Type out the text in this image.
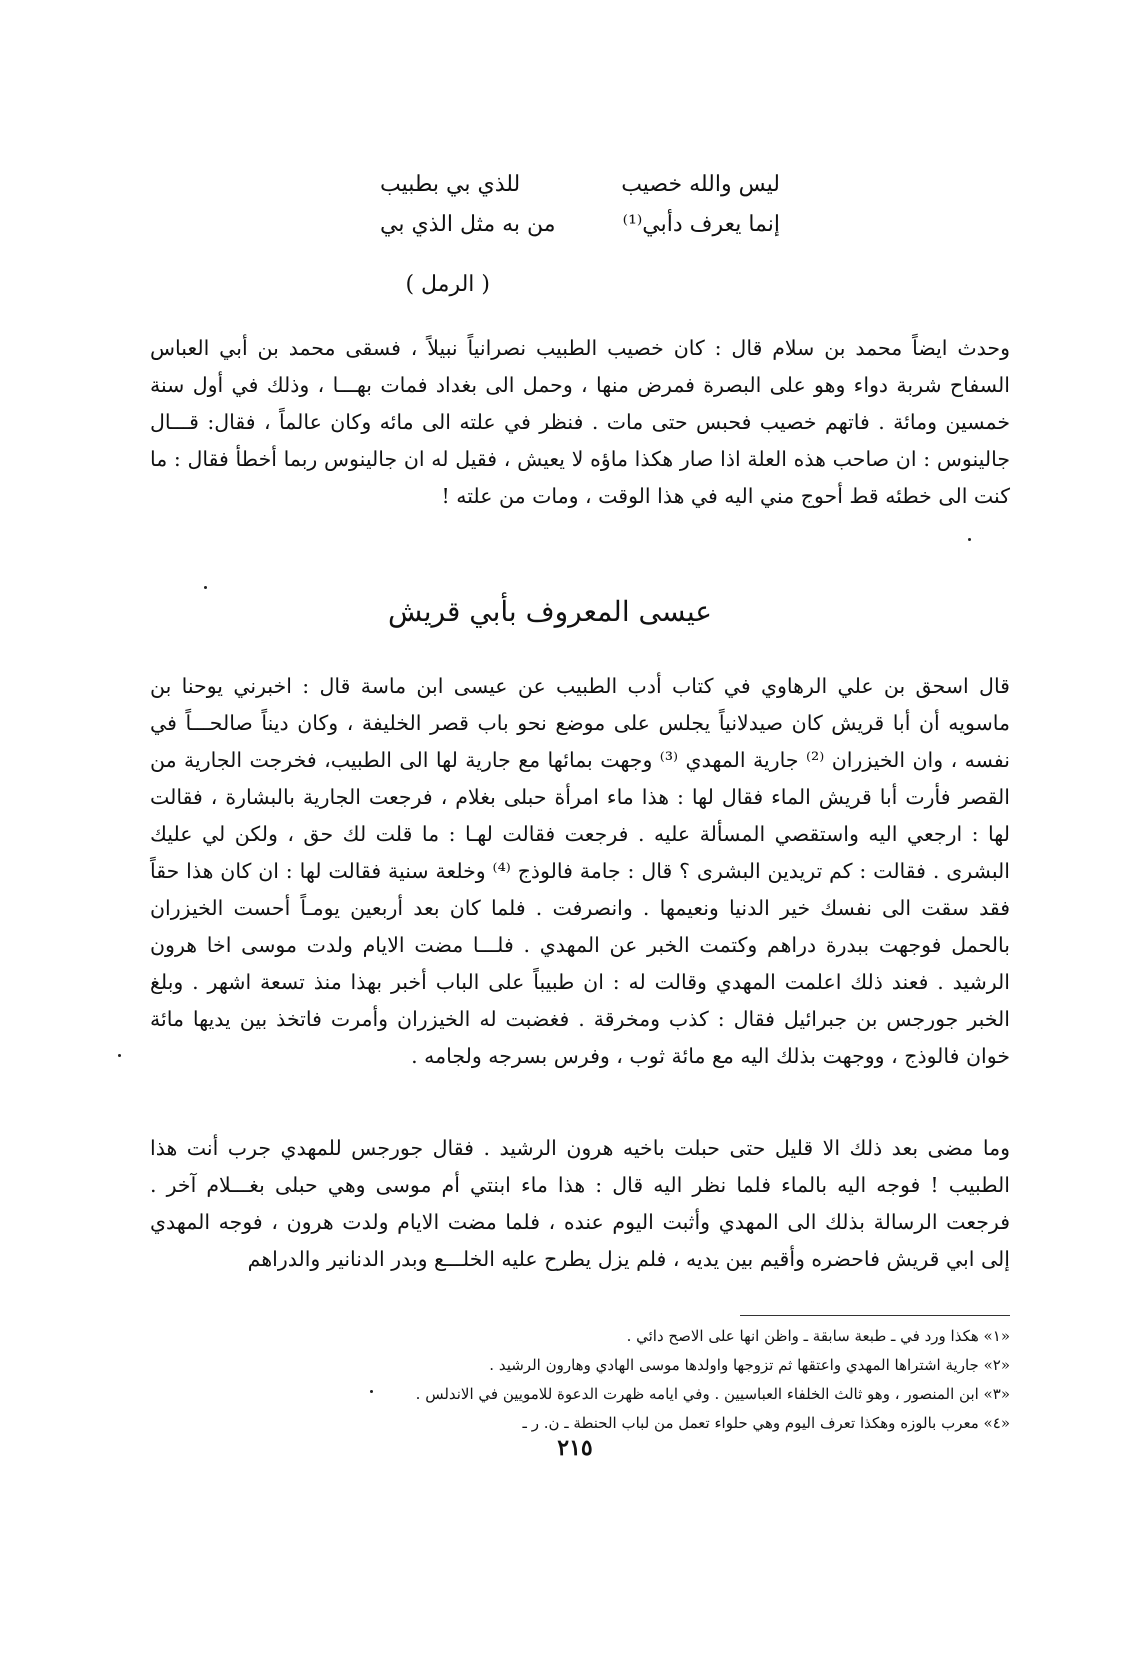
ليس والله خصيب
للذي بي بطبيب
إنما يعرف دأبي⁽¹⁾
من به مثل الذي بي
( الرمل )

وحدث ايضاً محمد بن سلام قال : كان خصيب الطبيب نصرانياً نبيلاً ، فسقى محمد بن أبي العباس السفاح شربة دواء وهو على البصرة فمرض منها ، وحمل الى بغداد فمات بهـــا ، وذلك في أول سنة خمسين ومائة . فاتهم خصيب فحبس حتى مات . فنظر في علته الى مائه وكان عالماً ، فقال: قـــال جالينوس : ان صاحب هذه العلة اذا صار هكذا ماؤه لا يعيش ، فقيل له ان جالينوس ربما أخطأ فقال : ما كنت الى خطئه قط أحوج مني اليه في هذا الوقت ، ومات من علته !

عيسى المعروف بأبي قريش

قال اسحق بن علي الرهاوي في كتاب أدب الطبيب عن عيسى ابن ماسة قال : اخبرني يوحنا بن ماسويه أن أبا قريش كان صيدلانياً يجلس على موضع نحو باب قصر الخليفة ، وكان ديناً صالحـــاً في نفسه ، وان الخيزران ⁽²⁾ جارية المهدي ⁽³⁾ وجهت بمائها مع جارية لها الى الطبيب، فخرجت الجارية من القصر فأرت أبا قريش الماء فقال لها : هذا ماء امرأة حبلى بغلام ، فرجعت الجارية بالبشارة ، فقالت لها : ارجعي اليه واستقصي المسألة عليه . فرجعت فقالت لهـا : ما قلت لك حق ، ولكن لي عليك البشرى . فقالت : كم تريدين البشرى ؟ قال : جامة فالوذج ⁽⁴⁾ وخلعة سنية فقالت لها : ان كان هذا حقاً فقد سقت الى نفسك خير الدنيا ونعيمها . وانصرفت . فلما كان بعد أربعين يومـاً أحست الخيزران بالحمل فوجهت ببدرة دراهم وكتمت الخبر عن المهدي . فلـــا مضت الايام ولدت موسى اخا هرون الرشيد . فعند ذلك اعلمت المهدي وقالت له : ان طبيباً على الباب أخبر بهذا منذ تسعة اشهر . وبلغ الخبر جورجس بن جبرائيل فقال : كذب ومخرقة . فغضبت له الخيزران وأمرت فاتخذ بين يديها مائة خوان فالوذج ، ووجهت بذلك اليه مع مائة ثوب ، وفرس بسرجه ولجامه .

وما مضى بعد ذلك الا قليل حتى حبلت باخيه هرون الرشيد . فقال جورجس للمهدي جرب أنت هذا الطبيب ! فوجه اليه بالماء فلما نظر اليه قال : هذا ماء ابنتي أم موسى وهي حبلى بغـــلام آخر . فرجعت الرسالة بذلك الى المهدي وأثبت اليوم عنده ، فلما مضت الايام ولدت هرون ، فوجه المهدي إلى ابي قريش فاحضره وأقيم بين يديه ، فلم يزل يطرح عليه الخلـــع وبدر الدنانير والدراهم

«١» هكذا ورد في ـ طبعة سابقة ـ واظن انها على الاصح دائي .
«٢» جارية اشتراها المهدي واعتقها ثم تزوجها واولدها موسى الهادي وهارون الرشيد .
«٣» ابن المنصور ، وهو ثالث الخلفاء العباسيين . وفي ايامه ظهرت الدعوة للامويين في الاندلس .
«٤» معرب بالوزه وهكذا تعرف اليوم وهي حلواء تعمل من لباب الحنطة ـ ن. ر ـ
٢١٥
